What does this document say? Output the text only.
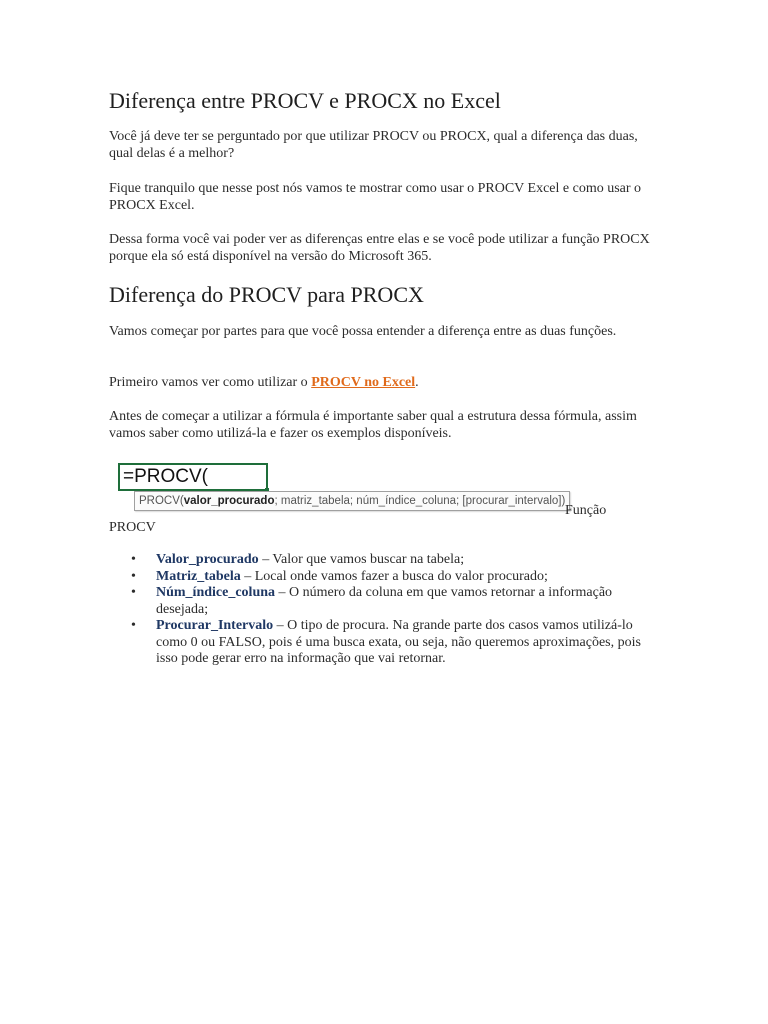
Diferença entre PROCV e PROCX no Excel

Você já deve ter se perguntado por que utilizar PROCV ou PROCX, qual a diferença das duas, qual delas é a melhor?

Fique tranquilo que nesse post nós vamos te mostrar como usar o PROCV Excel e como usar o PROCX Excel.

Dessa forma você vai poder ver as diferenças entre elas e se você pode utilizar a função PROCX porque ela só está disponível na versão do Microsoft 365.

Diferença do PROCV para PROCX

Vamos começar por partes para que você possa entender a diferença entre as duas funções.

Primeiro vamos ver como utilizar o PROCV no Excel.

Antes de começar a utilizar a fórmula é importante saber qual a estrutura dessa fórmula, assim vamos saber como utilizá-la e fazer os exemplos disponíveis.

=PROCV(
PROCV(valor_procurado; matriz_tabela; núm_índice_coluna; [procurar_intervalo])
Função
PROCV
• Valor_procurado – Valor que vamos buscar na tabela;
• Matriz_tabela – Local onde vamos fazer a busca do valor procurado;
• Núm_índice_coluna – O número da coluna em que vamos retornar a informação desejada;
• Procurar_Intervalo – O tipo de procura. Na grande parte dos casos vamos utilizá-lo como 0 ou FALSO, pois é uma busca exata, ou seja, não queremos aproximações, pois isso pode gerar erro na informação que vai retornar.
